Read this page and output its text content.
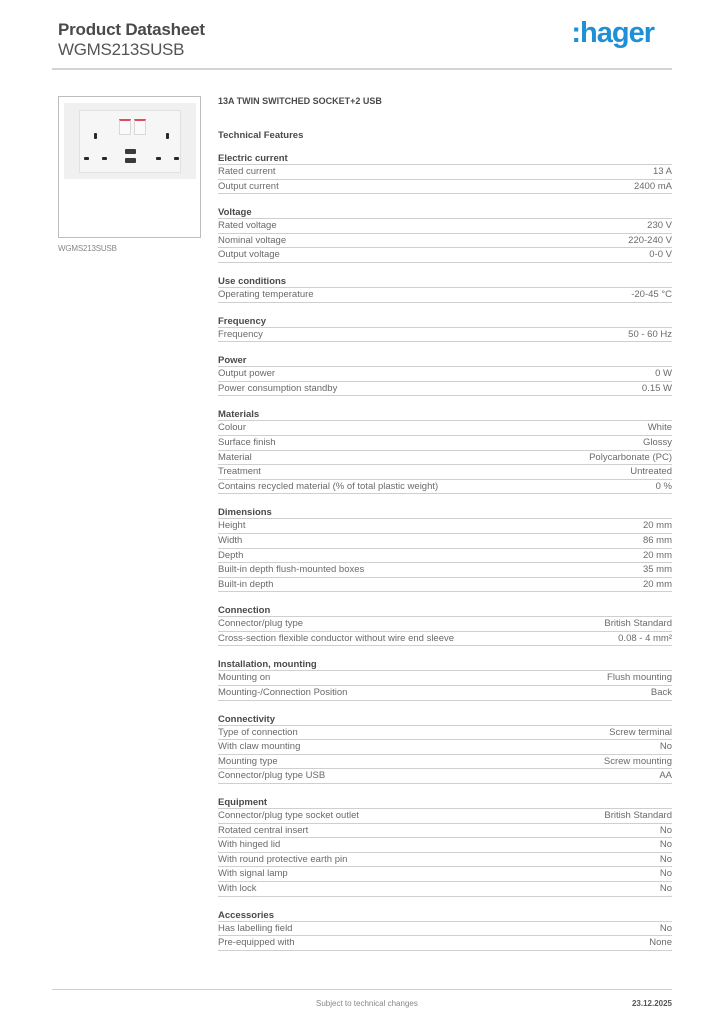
Product Datasheet
WGMS213SUSB
:hager
WGMS213SUSB
13A TWIN SWITCHED SOCKET+2 USB
Technical Features
Electric current
Rated current	13 A
Output current	2400 mA
Voltage
Rated voltage	230 V
Nominal voltage	220-240 V
Output voltage	0-0 V
Use conditions
Operating temperature	-20-45 °C
Frequency
Frequency	50 - 60 Hz
Power
Output power	0 W
Power consumption standby	0.15 W
Materials
Colour	White
Surface finish	Glossy
Material	Polycarbonate (PC)
Treatment	Untreated
Contains recycled material (% of total plastic weight)	0 %
Dimensions
Height	20 mm
Width	86 mm
Depth	20 mm
Built-in depth flush-mounted boxes	35 mm
Built-in depth	20 mm
Connection
Connector/plug type	British Standard
Cross-section flexible conductor without wire end sleeve	0.08 - 4 mm²
Installation, mounting
Mounting on	Flush mounting
Mounting-/Connection Position	Back
Connectivity
Type of connection	Screw terminal
With claw mounting	No
Mounting type	Screw mounting
Connector/plug type USB	AA
Equipment
Connector/plug type socket outlet	British Standard
Rotated central insert	No
With hinged lid	No
With round protective earth pin	No
With signal lamp	No
With lock	No
Accessories
Has labelling field	No
Pre-equipped with	None
Subject to technical changes	23.12.2025
